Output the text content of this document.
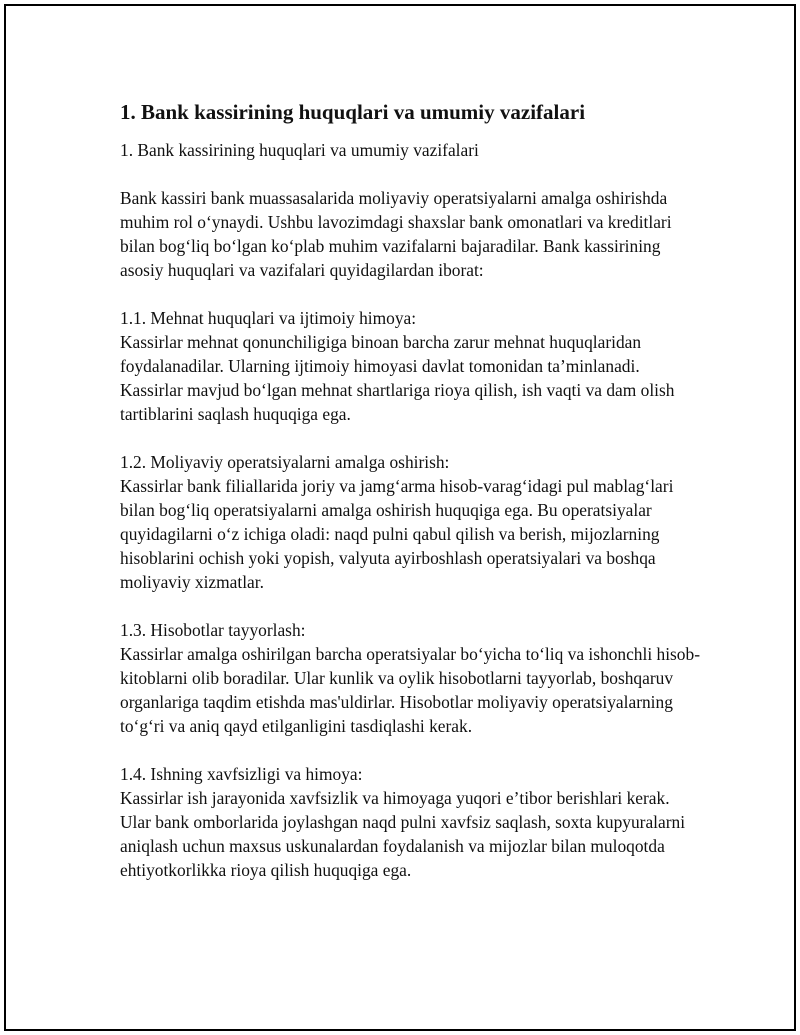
1. Bank kassirining huquqlari va umumiy vazifalari

1. Bank kassirining huquqlari va umumiy vazifalari

Bank kassiri bank muassasalarida moliyaviy operatsiyalarni amalga oshirishda muhim rol oʻynaydi. Ushbu lavozimdagi shaxslar bank omonatlari va kreditlari bilan bogʻliq boʻlgan koʻplab muhim vazifalarni bajaradilar. Bank kassirining asosiy huquqlari va vazifalari quyidagilardan iborat:

1.1. Mehnat huquqlari va ijtimoiy himoya:
Kassirlar mehnat qonunchiligiga binoan barcha zarur mehnat huquqlaridan foydalanadilar. Ularning ijtimoiy himoyasi davlat tomonidan taʼminlanadi. Kassirlar mavjud boʻlgan mehnat shartlariga rioya qilish, ish vaqti va dam olish tartiblarini saqlash huquqiga ega.
1.2. Moliyaviy operatsiyalarni amalga oshirish:
Kassirlar bank filiallarida joriy va jamgʻarma hisob-varagʻidagi pul mablagʻlari bilan bogʻliq operatsiyalarni amalga oshirish huquqiga ega. Bu operatsiyalar quyidagilarni oʻz ichiga oladi: naqd pulni qabul qilish va berish, mijozlarning hisoblarini ochish yoki yopish, valyuta ayirboshlash operatsiyalari va boshqa moliyaviy xizmatlar.
1.3. Hisobotlar tayyorlash:
Kassirlar amalga oshirilgan barcha operatsiyalar boʻyicha toʻliq va ishonchli hisob-kitoblarni olib boradilar. Ular kunlik va oylik hisobotlarni tayyorlab, boshqaruv organlariga taqdim etishda mas'uldirlar. Hisobotlar moliyaviy operatsiyalarning toʻgʻri va aniq qayd etilganligini tasdiqlashi kerak.
1.4. Ishning xavfsizligi va himoya:
Kassirlar ish jarayonida xavfsizlik va himoyaga yuqori eʼtibor berishlari kerak. Ular bank omborlarida joylashgan naqd pulni xavfsiz saqlash, soxta kupyuralarni aniqlash uchun maxsus uskunalardan foydalanish va mijozlar bilan muloqotda ehtiyotkorlikka rioya qilish huquqiga ega.
